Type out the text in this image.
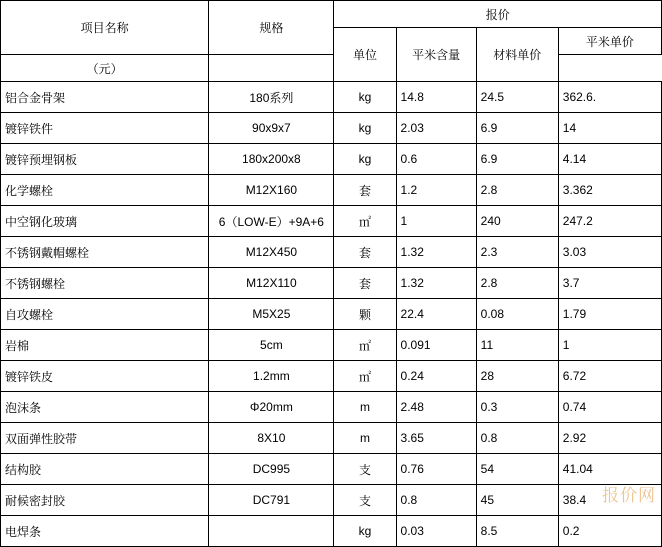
项目名称	规格	报价			
		单位	平米含量	材料单价	平米单价
（元）					
铝合金骨架	180系列	kg	14.8	24.5	362.6.
镀锌铁件	90x9x7	kg	2.03	6.9	14
镀锌预埋钢板	180x200x8	kg	0.6	6.9	4.14
化学螺栓	M12X160	套	1.2	2.8	3.362
中空钢化玻璃	6（LOW-E）+9A+6	㎡	1	240	247.2
不锈钢戴帽螺栓	M12X450	套	1.32	2.3	3.03
不锈钢螺栓	M12X110	套	1.32	2.8	3.7
自攻螺栓	M5X25	颗	22.4	0.08	1.79
岩棉	5cm	㎡	0.091	11	1
镀锌铁皮	1.2mm	㎡	0.24	28	6.72
泡沫条	Φ20mm	m	2.48	0.3	0.74
双面弹性胶带	8X10	m	3.65	0.8	2.92
结构胶	DC995	支	0.76	54	41.04
耐候密封胶	DC791	支	0.8	45	38.4
电焊条		kg	0.03	8.5	0.2
报价网
